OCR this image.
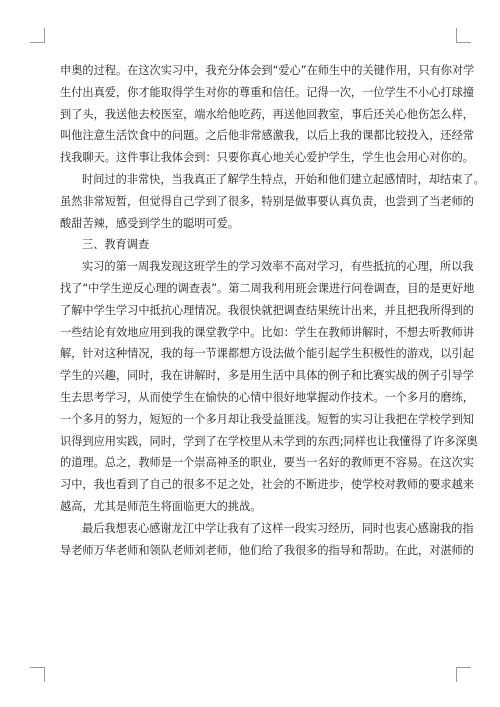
申奥的过程。在这次实习中，我充分体会到“爱心”在师生中的关键作用，只有你对学
生付出真爱，你才能取得学生对你的尊重和信任。记得一次，一位学生不小心打球撞
到了头，我送他去校医室，端水给他吃药，再送他回教室，事后还关心他伤怎么样，
叫他注意生活饮食中的问题。之后他非常感激我，以后上我的课都比较投入，还经常
找我聊天。这件事让我体会到：只要你真心地关心爱护学生，学生也会用心对你的。
时间过的非常快，当我真正了解学生特点，开始和他们建立起感情时，却结束了。
虽然非常短暂，但觉得自己学到了很多，特别是做事要认真负责，也尝到了当老师的
酸甜苦辣，感受到学生的聪明可爱。
三、教育调查
实习的第一周我发现这班学生的学习效率不高对学习，有些抵抗的心理，所以我
找了“中学生逆反心理的调查表”。第二周我利用班会课进行问卷调查，目的是更好地
了解中学生学习中抵抗心理情况。我很快就把调查结果统计出来，并且把我所得到的
一些结论有效地应用到我的课堂教学中。比如：学生在教师讲解时，不想去听教师讲
解，针对这种情况，我的每一节课都想方设法做个能引起学生积极性的游戏，以引起
学生的兴趣，同时，我在讲解时，多是用生活中具体的例子和比赛实战的例子引导学
生去思考学习，从而使学生在愉快的心情中很好地掌握动作技术。一个多月的磨练，
一个多月的努力，短短的一个多月却让我受益匪浅。短暂的实习让我把在学校学到知
识得到应用实践，同时，学到了在学校里从未学到的东西;同样也让我懂得了许多深奥
的道理。总之，教师是一个崇高神圣的职业，要当一名好的教师更不容易。在这次实
习中，我也看到了自己的很多不足之处，社会的不断进步，使学校对教师的要求越来
越高，尤其是师范生将面临更大的挑战。
最后我想衷心感谢龙江中学让我有了这样一段实习经历，同时也衷心感谢我的指
导老师万华老师和领队老师刘老师，他们给了我很多的指导和帮助。在此，对湛师的
